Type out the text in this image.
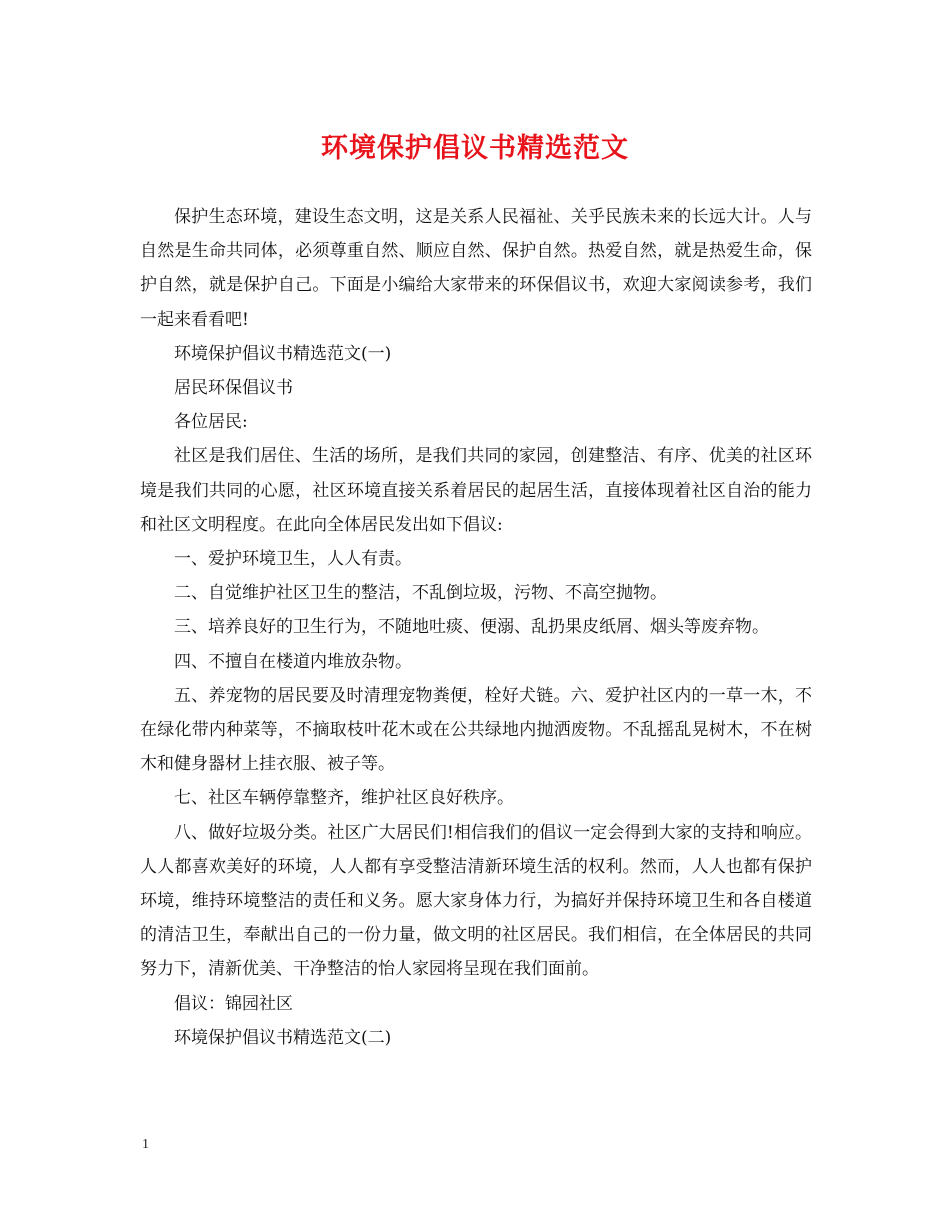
环境保护倡议书精选范文

保护生态环境，建设生态文明，这是关系人民福祉、关乎民族未来的长远大计。人与自然是生命共同体，必须尊重自然、顺应自然、保护自然。热爱自然，就是热爱生命，保护自然，就是保护自己。下面是小编给大家带来的环保倡议书，欢迎大家阅读参考，我们一起来看看吧!

环境保护倡议书精选范文(一)

居民环保倡议书

各位居民:

社区是我们居住、生活的场所，是我们共同的家园，创建整洁、有序、优美的社区环境是我们共同的心愿，社区环境直接关系着居民的起居生活，直接体现着社区自治的能力和社区文明程度。在此向全体居民发出如下倡议:

一、爱护环境卫生，人人有责。

二、自觉维护社区卫生的整洁，不乱倒垃圾，污物、不高空抛物。

三、培养良好的卫生行为，不随地吐痰、便溺、乱扔果皮纸屑、烟头等废弃物。

四、不擅自在楼道内堆放杂物。

五、养宠物的居民要及时清理宠物粪便，栓好犬链。六、爱护社区内的一草一木，不在绿化带内种菜等，不摘取枝叶花木或在公共绿地内抛洒废物。不乱摇乱晃树木，不在树木和健身器材上挂衣服、被子等。

七、社区车辆停靠整齐，维护社区良好秩序。

八、做好垃圾分类。社区广大居民们!相信我们的倡议一定会得到大家的支持和响应。人人都喜欢美好的环境，人人都有享受整洁清新环境生活的权利。然而，人人也都有保护环境，维持环境整洁的责任和义务。愿大家身体力行，为搞好并保持环境卫生和各自楼道的清洁卫生，奉献出自己的一份力量，做文明的社区居民。我们相信，在全体居民的共同努力下，清新优美、干净整洁的怡人家园将呈现在我们面前。

倡议：锦园社区

环境保护倡议书精选范文(二)

1
